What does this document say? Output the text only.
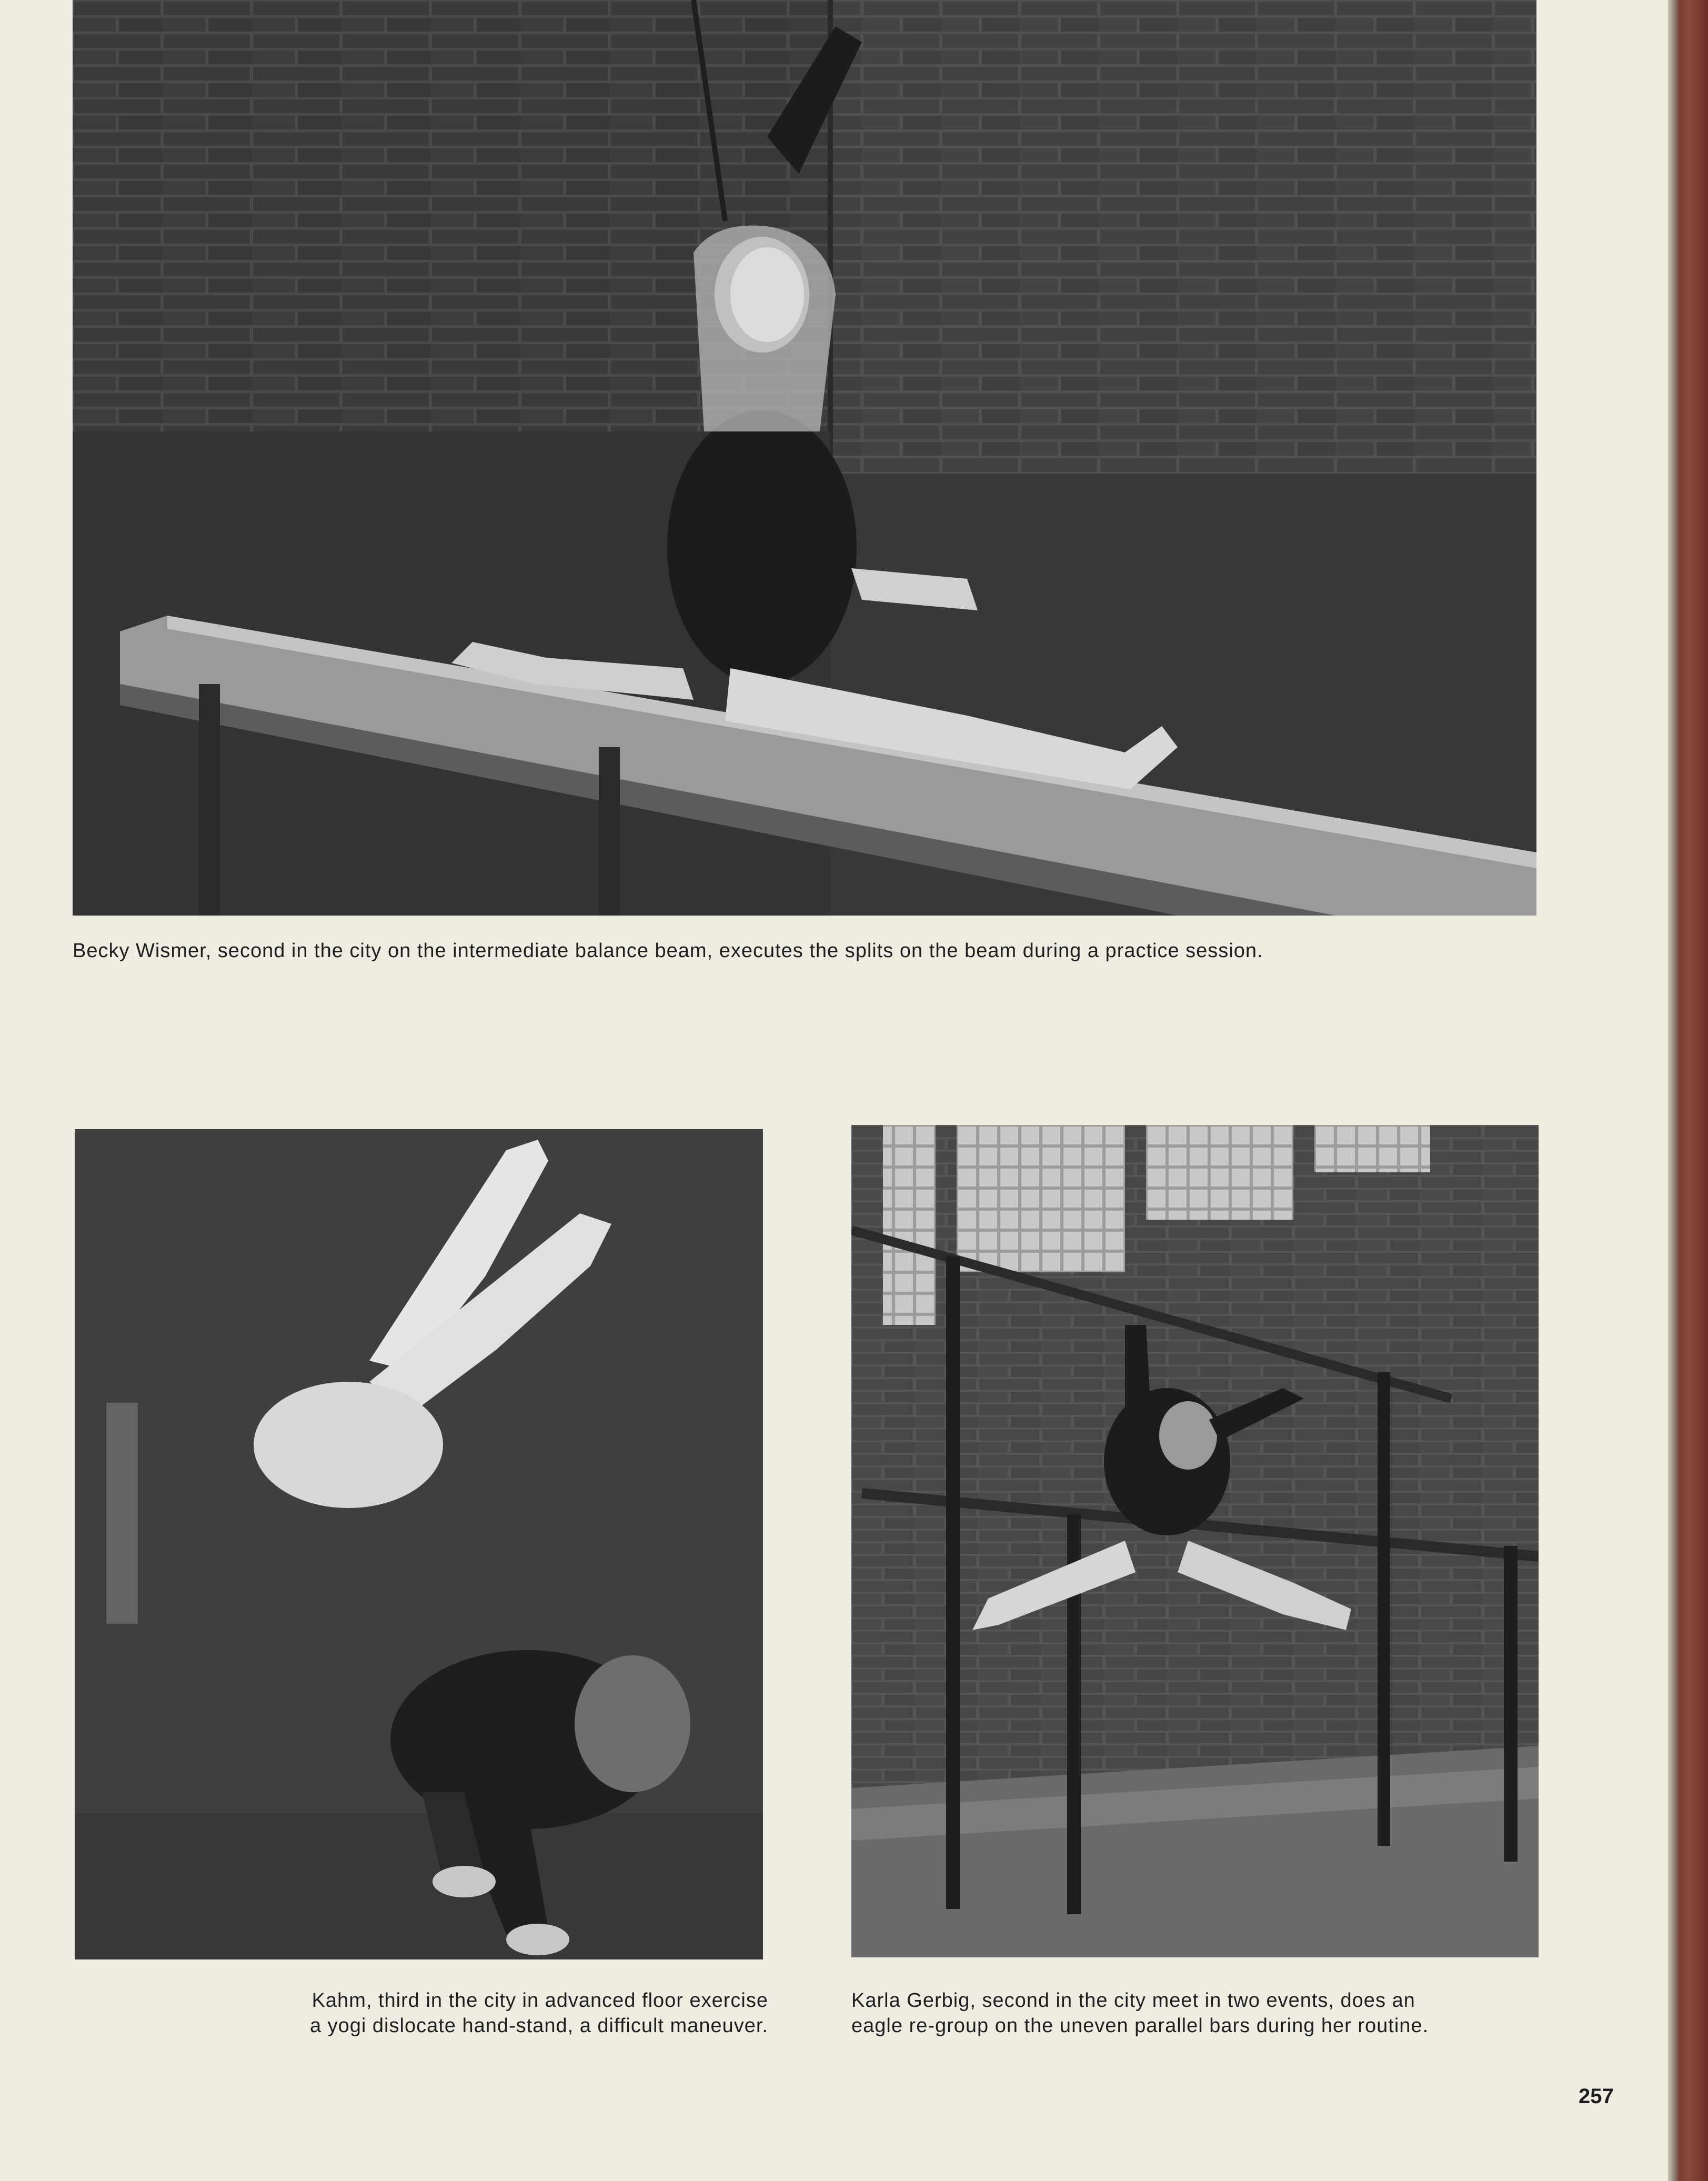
Becky Wismer, second in the city on the intermediate balance beam, executes the splits on the beam during a practice session.
Kahm, third in the city in advanced floor exercise
a yogi dislocate hand-stand, a difficult maneuver.
Karla Gerbig, second in the city meet in two events, does an
eagle re-group on the uneven parallel bars during her routine.
257
